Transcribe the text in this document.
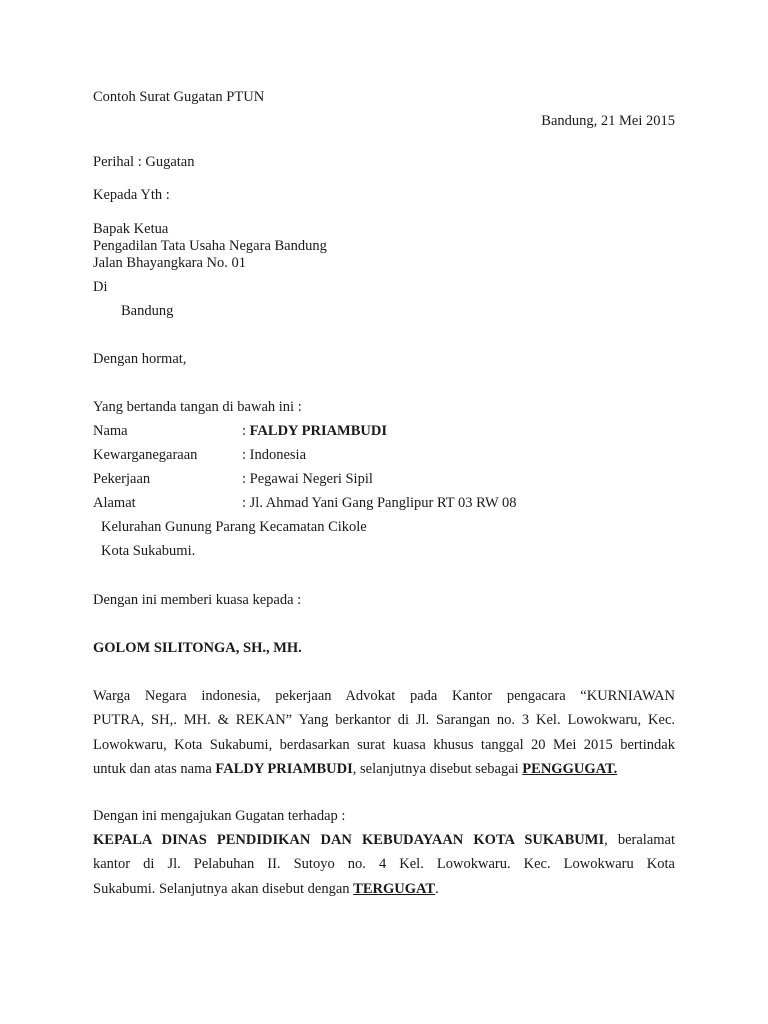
Contoh Surat Gugatan PTUN
Bandung, 21 Mei 2015
Perihal : Gugatan
Kepada Yth :
Bapak Ketua
Pengadilan Tata Usaha Negara Bandung
Jalan Bhayangkara No. 01
Di
Bandung
Dengan hormat,
Yang bertanda tangan di bawah ini :
Nama	: FALDY PRIAMBUDI
Kewarganegaraan	: Indonesia
Pekerjaan	: Pegawai Negeri Sipil
Alamat	: Jl. Ahmad Yani Gang Panglipur RT 03 RW 08
Kelurahan Gunung Parang Kecamatan Cikole
Kota Sukabumi.
Dengan ini memberi kuasa kepada :
GOLOM SILITONGA, SH., MH.
Warga Negara indonesia, pekerjaan Advokat pada Kantor pengacara “KURNIAWAN
PUTRA, SH,. MH. & REKAN” Yang berkantor di Jl. Sarangan no. 3 Kel. Lowokwaru, Kec.
Lowokwaru, Kota Sukabumi, berdasarkan surat kuasa khusus tanggal 20 Mei 2015 bertindak
untuk dan atas nama FALDY PRIAMBUDI, selanjutnya disebut sebagai PENGGUGAT.
Dengan ini mengajukan Gugatan terhadap :
KEPALA DINAS PENDIDIKAN DAN KEBUDAYAAN KOTA SUKABUMI, beralamat
kantor di Jl. Pelabuhan II. Sutoyo no. 4 Kel. Lowokwaru. Kec. Lowokwaru Kota
Sukabumi. Selanjutnya akan disebut dengan TERGUGAT.
